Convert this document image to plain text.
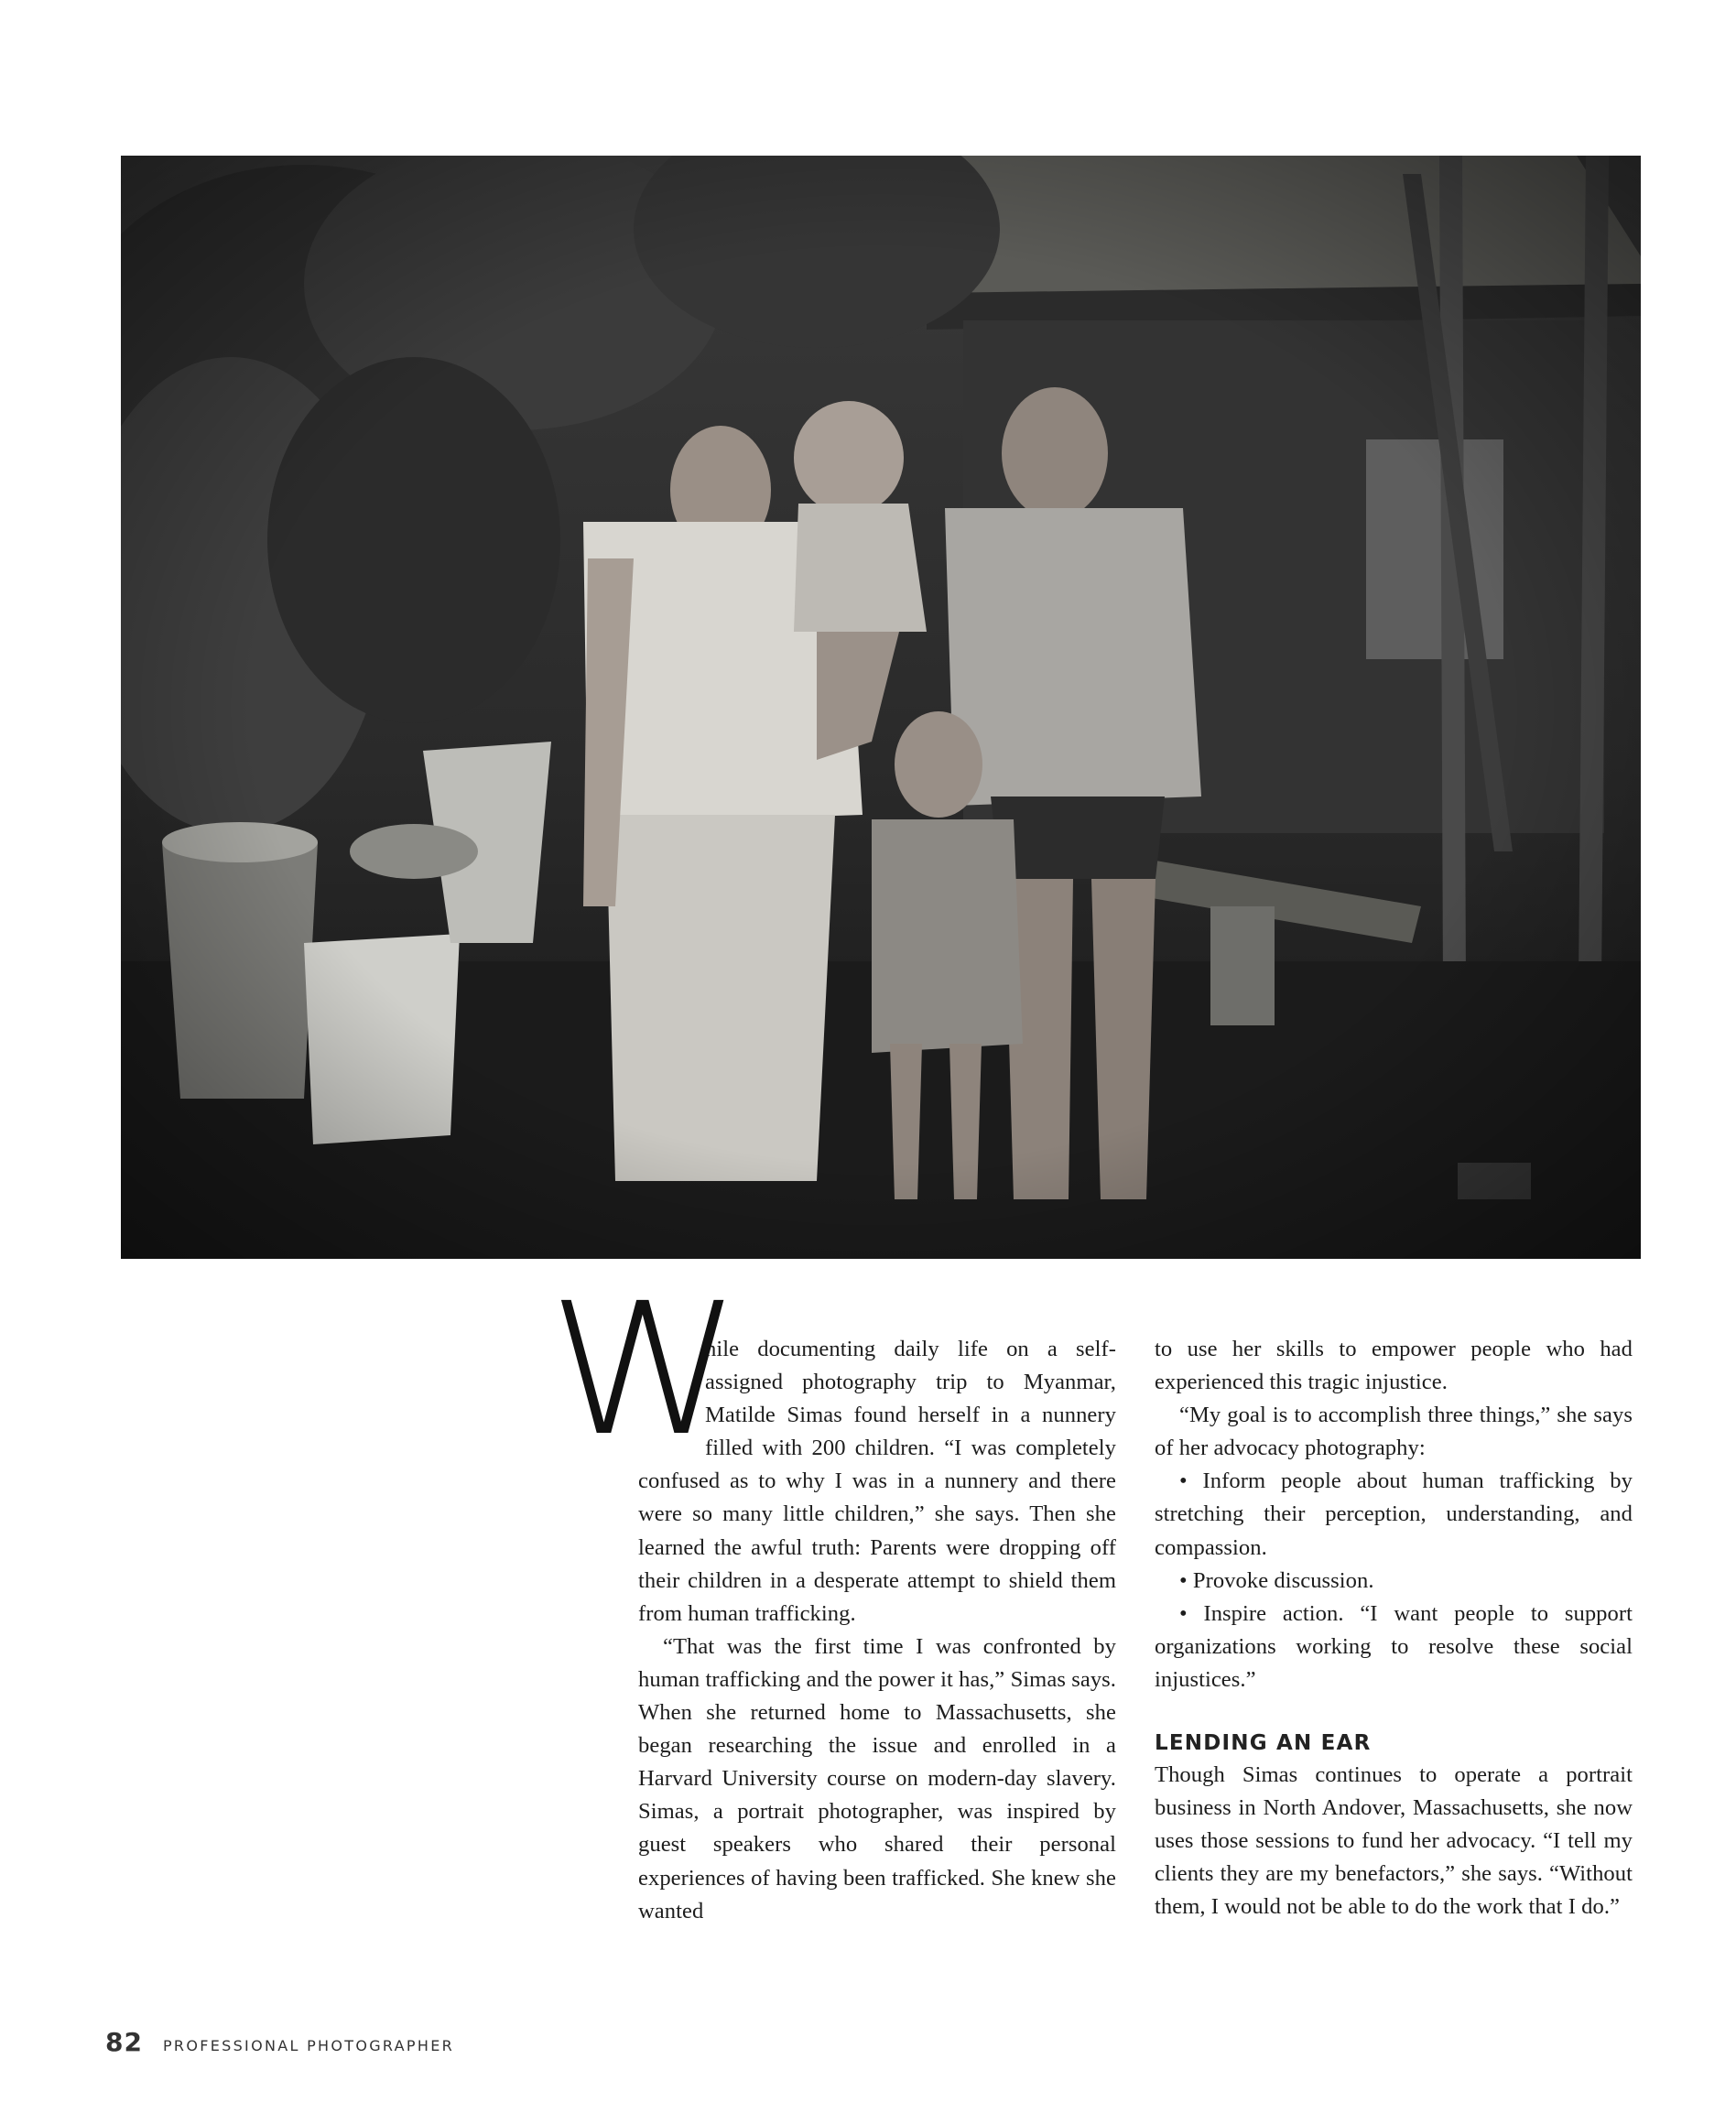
W
hile documenting daily life on a self-assigned photography trip to Myanmar, Matilde Simas found herself in a nunnery filled with 200 children. “I was completely confused as to why I was in a nunnery and there were so many little children,” she says. Then she learned the awful truth: Parents were dropping off their children in a desperate attempt to shield them from human trafficking.

“That was the first time I was confronted by human trafficking and the power it has,” Simas says. When she returned home to Massachusetts, she began researching the issue and enrolled in a Harvard University course on modern-day slavery. Simas, a portrait photographer, was inspired by guest speakers who shared their personal experiences of having been trafficked. She knew she wanted

to use her skills to empower people who had experienced this tragic injustice.

“My goal is to accomplish three things,” she says of her advocacy photography:

• Inform people about human trafficking by stretching their perception, understanding, and compassion.

• Provoke discussion.

• Inspire action. “I want people to support organizations working to resolve these social injustices.”

LENDING AN EAR

Though Simas continues to operate a portrait business in North Andover, Massachusetts, she now uses those sessions to fund her advocacy. “I tell my clients they are my benefactors,” she says. “Without them, I would not be able to do the work that I do.”

82 PROFESSIONAL PHOTOGRAPHER
